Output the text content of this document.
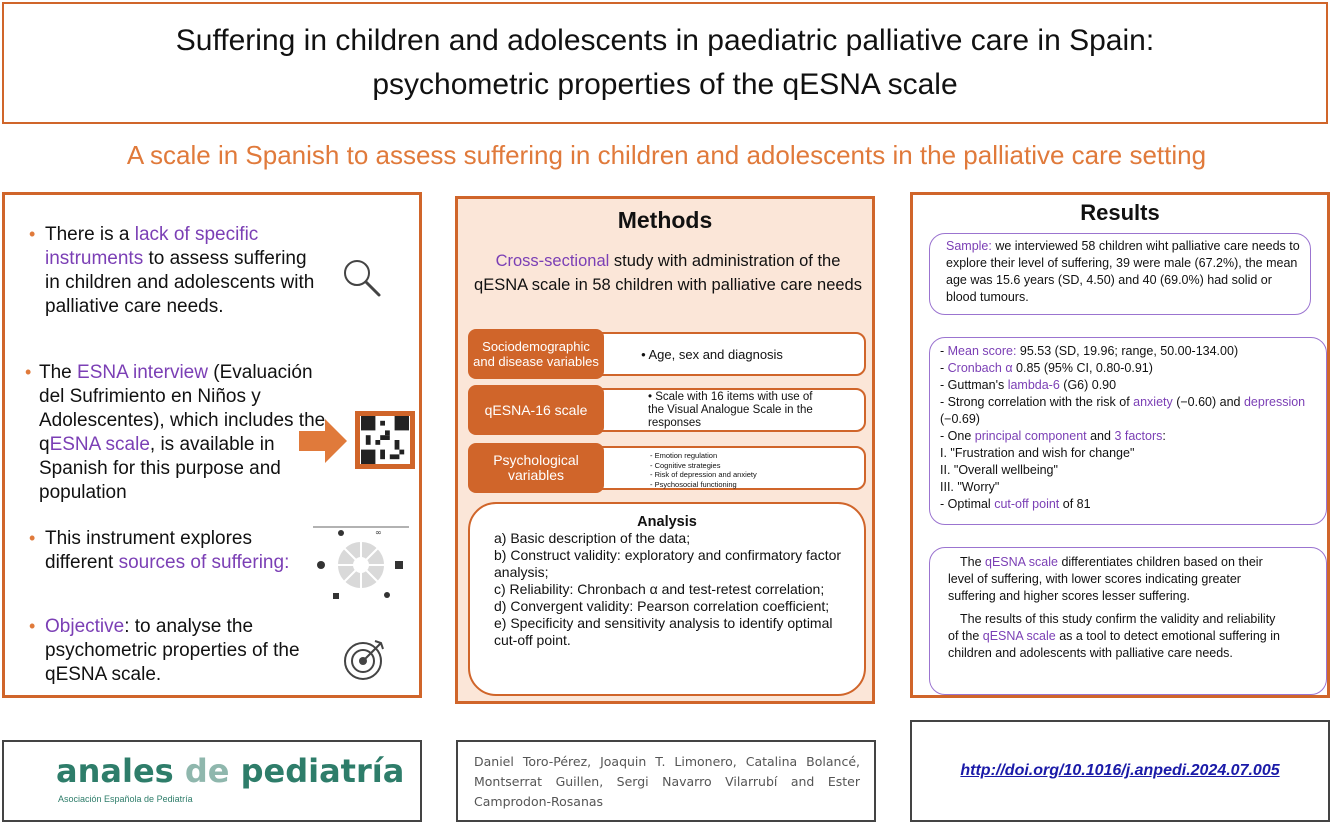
Suffering in children and adolescents in paediatric palliative care in Spain:
psychometric properties of the qESNA scale
A scale in Spanish to assess suffering in children and adolescents in the palliative care setting
• There is a lack of specific instruments to assess suffering in children and adolescents with palliative care needs.
• The ESNA interview (Evaluación del Sufrimiento en Niños y Adolescentes), which includes the qESNA scale, is available in Spanish for this purpose and population
• This instrument explores different sources of suffering:
∞
• Objective: to analyse the psychometric properties of the qESNA scale.
Methods
Cross-sectional study with administration of the qESNA scale in 58 children with palliative care needs
• Age, sex and diagnosis
Sociodemographic and disease variables
• Scale with 16 items with use of the Visual Analogue Scale in the responses
qESNA-16 scale
- Emotion regulation
- Cognitive strategies
- Risk of depression and anxiety
- Psychosocial functioning
Psychological variables
Analysis
a) Basic description of the data;
b) Construct validity: exploratory and confirmatory factor analysis;
c) Reliability: Chronbach α and test-retest correlation;
d) Convergent validity: Pearson correlation coefficient;
e) Specificity and sensitivity analysis to identify optimal cut-off point.
Results
Sample: we interviewed 58 children wiht palliative care needs to explore their level of suffering, 39 were male (67.2%), the mean age was 15.6 years (SD, 4.50) and 40 (69.0%) had solid or blood tumours.
- Mean score: 95.53 (SD, 19.96; range, 50.00-134.00)
- Cronbach α 0.85 (95% CI, 0.80-0.91)
- Guttman's lambda-6 (G6) 0.90
- Strong correlation with the risk of anxiety (−0.60) and depression (−0.69)
- One principal component and 3 factors:
I. "Frustration and wish for change"
II. "Overall wellbeing"
III. "Worry"
- Optimal cut-off point of 81
The qESNA scale differentiates children based on their level of suffering, with lower scores indicating greater suffering and higher scores lesser suffering.
The results of this study confirm the validity and reliability of the qESNA scale as a tool to detect emotional suffering in children and adolescents with palliative care needs.
anales de pediatría
Asociación Española de Pediatría
Daniel Toro-Pérez, Joaquin T. Limonero, Catalina Bolancé, Montserrat Guillen, Sergi Navarro Vilarrubí and Ester Camprodon-Rosanas
http://doi.org/10.1016/j.anpedi.2024.07.005
